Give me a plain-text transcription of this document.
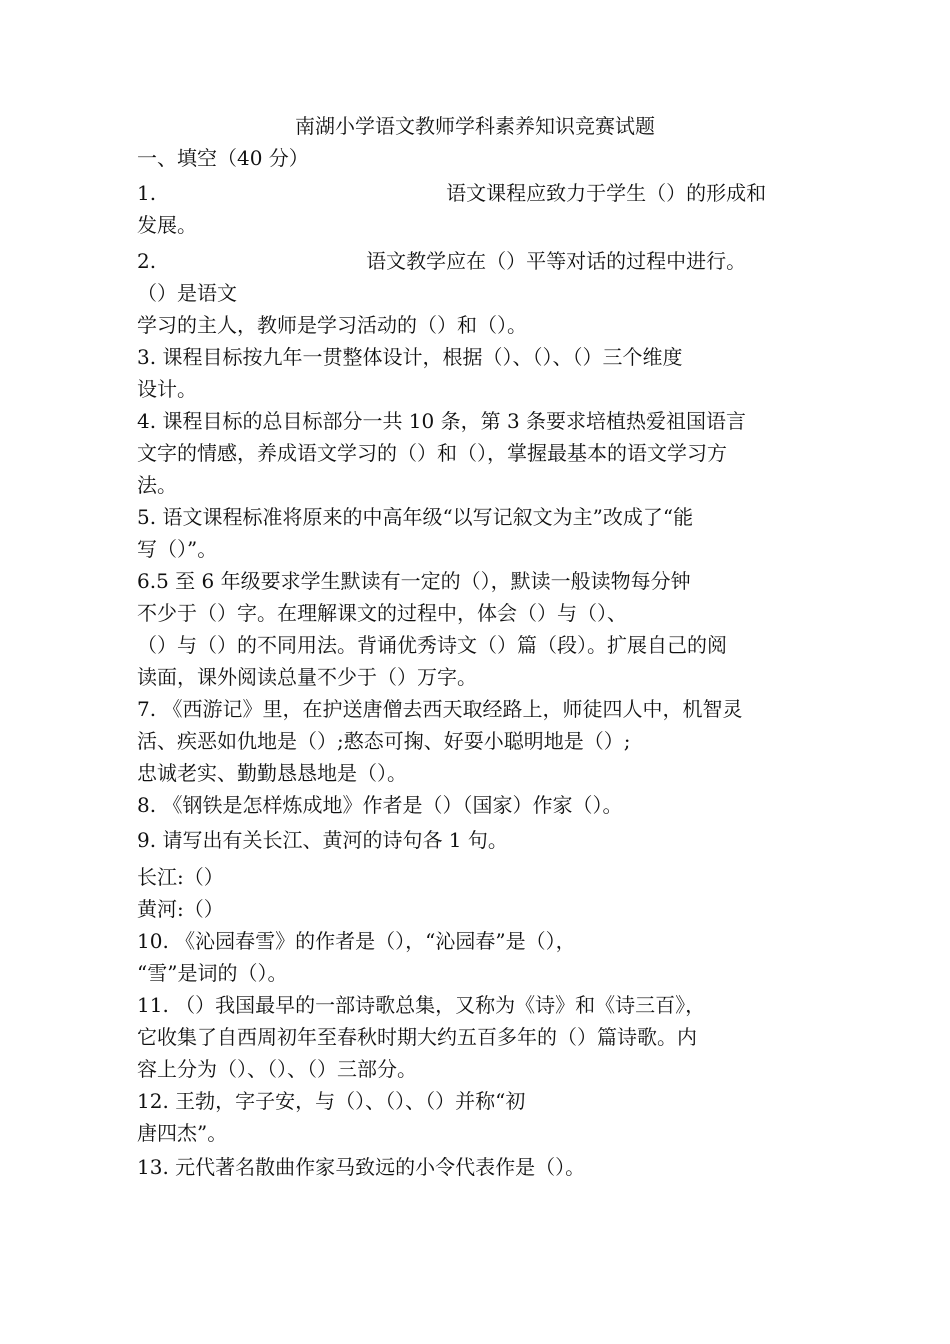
南湖小学语文教师学科素养知识竞赛试题
一、填空（40 分）
1.	语文课程应致力于学生（）的形成和
发展。
2.	语文教学应在（）平等对话的过程中进行。
（）是语文
学习的主人，教师是学习活动的（）和（）。
3. 课程目标按九年一贯整体设计，根据（）、（）、（）三个维度
设计。
4. 课程目标的总目标部分一共 10 条，第 3 条要求培植热爱祖国语言
文字的情感，养成语文学习的（）和（），掌握最基本的语文学习方
法。
5. 语文课程标准将原来的中高年级“以写记叙文为主”改成了“能
写（）”。
6.5 至 6 年级要求学生默读有一定的（），默读一般读物每分钟
不少于（）字。在理解课文的过程中，体会（）与（）、
（）与（）的不同用法。背诵优秀诗文（）篇（段）。扩展自己的阅
读面，课外阅读总量不少于（）万字。
7. 《西游记》里，在护送唐僧去西天取经路上，师徒四人中，机智灵
活、疾恶如仇地是（）;憨态可掬、好耍小聪明地是（）;
忠诚老实、勤勤恳恳地是（）。
8. 《钢铁是怎样炼成地》作者是（）（国家）作家（）。
9. 请写出有关长江、黄河的诗句各 1 句。
长江:（）
黄河:（）
10. 《沁园春雪》的作者是（），“沁园春”是（），
“雪”是词的（）。
11. （）我国最早的一部诗歌总集，又称为《诗》和《诗三百》，
它收集了自西周初年至春秋时期大约五百多年的（）篇诗歌。内
容上分为（）、（）、（）三部分。
12. 王勃，字子安，与（）、（）、（）并称“初
唐四杰”。
13. 元代著名散曲作家马致远的小令代表作是（）。
